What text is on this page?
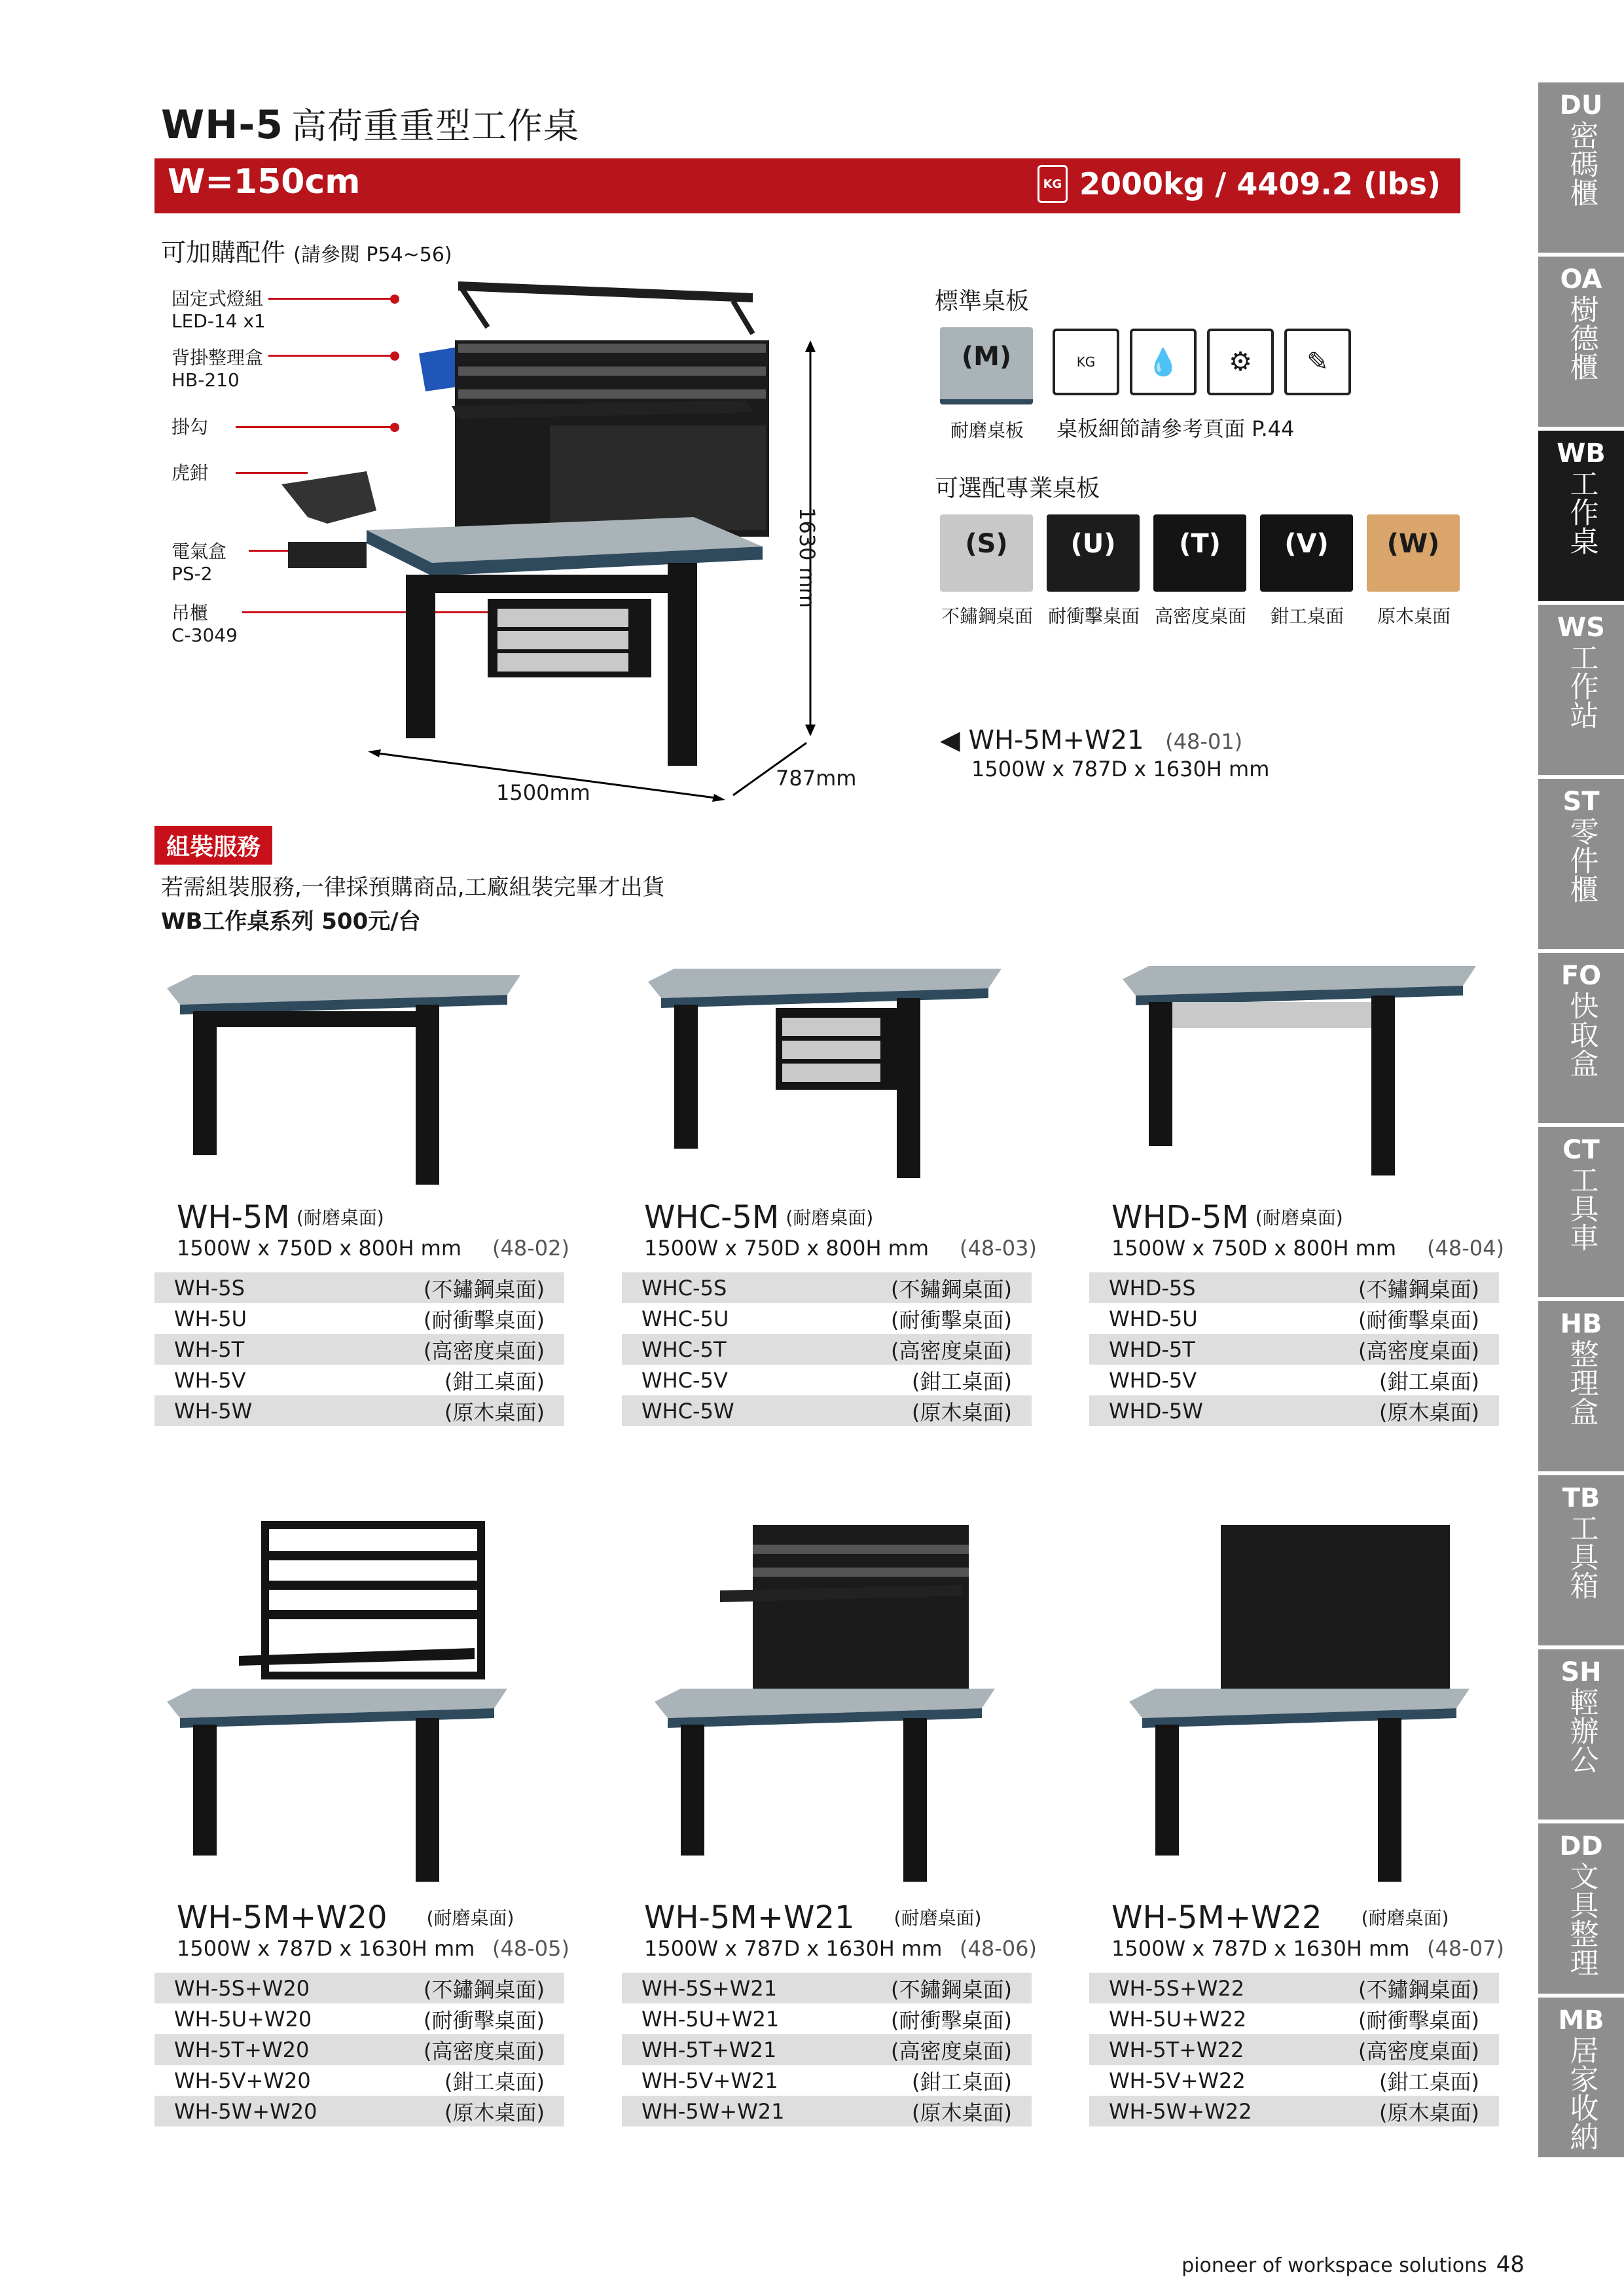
WH-5 高荷重重型工作桌
W=150cm	KG 2000kg / 4409.2 (lbs)
可加購配件 (請參閱 P54~56)
固定式燈組
LED-14 x1
背掛整理盒
HB-210
掛勾
虎鉗
電氣盒
PS-2
吊櫃
C-3049
1630 mm
787mm
1500mm
標準桌板
(M)
耐磨桌板
KG	💧	⚙	✎
桌板細節請參考頁面 P.44
可選配專業桌板
(S)	(U)	(T)	(V)	(W)
不鏽鋼桌面 耐衝擊桌面 高密度桌面	鉗工桌面	原木桌面
◀ WH-5M+W21 (48-01)
1500W x 787D x 1630H mm
組裝服務
若需組裝服務,一律採預購商品,工廠組裝完畢才出貨
WB工作桌系列 500元/台
WH-5M (耐磨桌面)
1500W x 750D x 800H mm (48-02)
WH-5S	(不鏽鋼桌面)
WH-5U	(耐衝擊桌面)
WH-5T	(高密度桌面)
WH-5V	(鉗工桌面)
WH-5W	(原木桌面)
WHC-5M (耐磨桌面)
1500W x 750D x 800H mm (48-03)
WHC-5S	(不鏽鋼桌面)
WHC-5U	(耐衝擊桌面)
WHC-5T	(高密度桌面)
WHC-5V	(鉗工桌面)
WHC-5W	(原木桌面)
WHD-5M (耐磨桌面)
1500W x 750D x 800H mm (48-04)
WHD-5S	(不鏽鋼桌面)
WHD-5U	(耐衝擊桌面)
WHD-5T	(高密度桌面)
WHD-5V	(鉗工桌面)
WHD-5W	(原木桌面)
WH-5M+W20 (耐磨桌面)
1500W x 787D x 1630H mm (48-05)
WH-5S+W20	(不鏽鋼桌面)
WH-5U+W20	(耐衝擊桌面)
WH-5T+W20	(高密度桌面)
WH-5V+W20	(鉗工桌面)
WH-5W+W20	(原木桌面)
WH-5M+W21 (耐磨桌面)
1500W x 787D x 1630H mm (48-06)
WH-5S+W21	(不鏽鋼桌面)
WH-5U+W21	(耐衝擊桌面)
WH-5T+W21	(高密度桌面)
WH-5V+W21	(鉗工桌面)
WH-5W+W21	(原木桌面)
WH-5M+W22 (耐磨桌面)
1500W x 787D x 1630H mm (48-07)
WH-5S+W22	(不鏽鋼桌面)
WH-5U+W22	(耐衝擊桌面)
WH-5T+W22	(高密度桌面)
WH-5V+W22	(鉗工桌面)
WH-5W+W22	(原木桌面)
DU
密碼櫃
OA
樹德櫃
WB
工作桌
WS
工作站
ST
零件櫃
FO
快取盒
CT
工具車
HB
整理盒
TB
工具箱
SH
輕辦公
DD
文具整理
MB
居家收納
pioneer of workspace solutions 48
